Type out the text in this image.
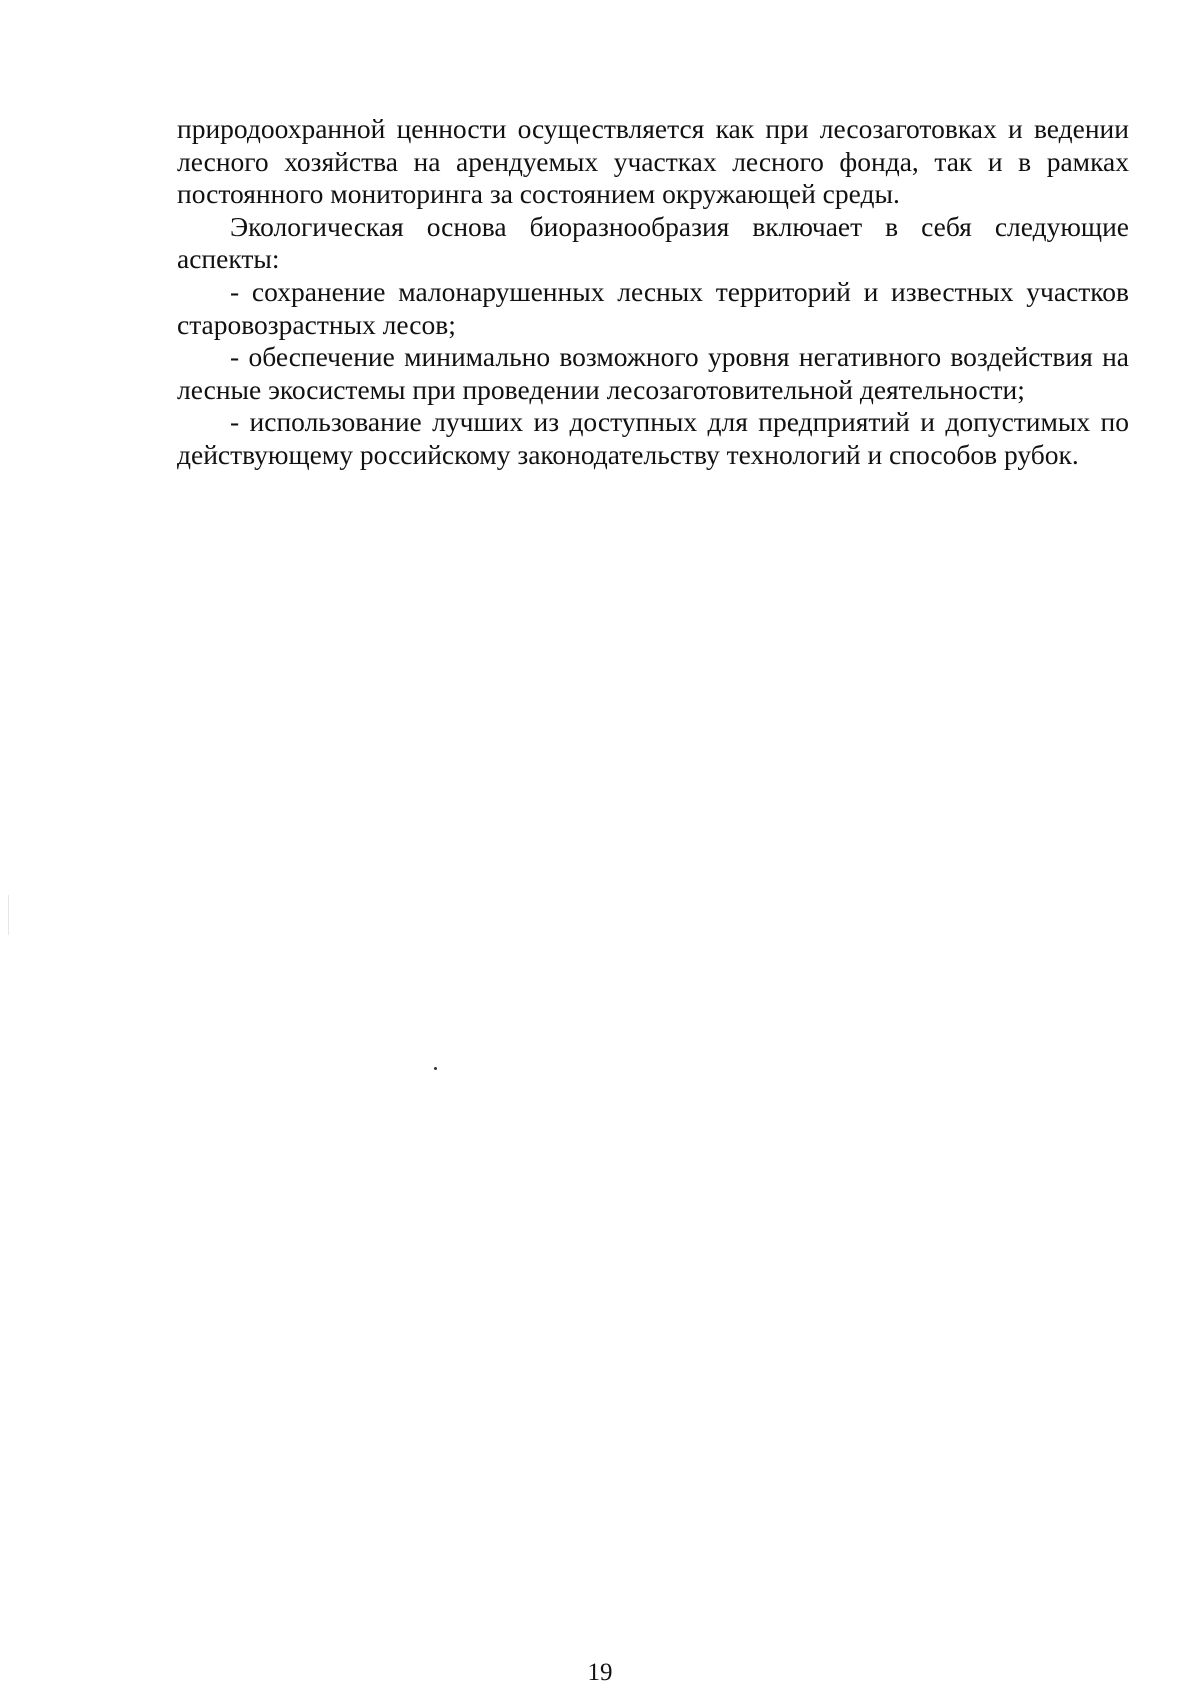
природоохранной ценности осуществляется как при лесозаготовках и ведении лесного хозяйства на арендуемых участках лесного фонда, так и в рамках постоянного мониторинга за состоянием окружающей среды.

Экологическая основа биоразнообразия включает в себя следующие аспекты:

- сохранение малонарушенных лесных территорий и известных участков старовозрастных лесов;

- обеспечение минимально возможного уровня негативного воздействия на лесные экосистемы при проведении лесозаготовительной деятельности;

- использование лучших из доступных для предприятий и допустимых по действующему российскому законодательству технологий и способов рубок.

19
